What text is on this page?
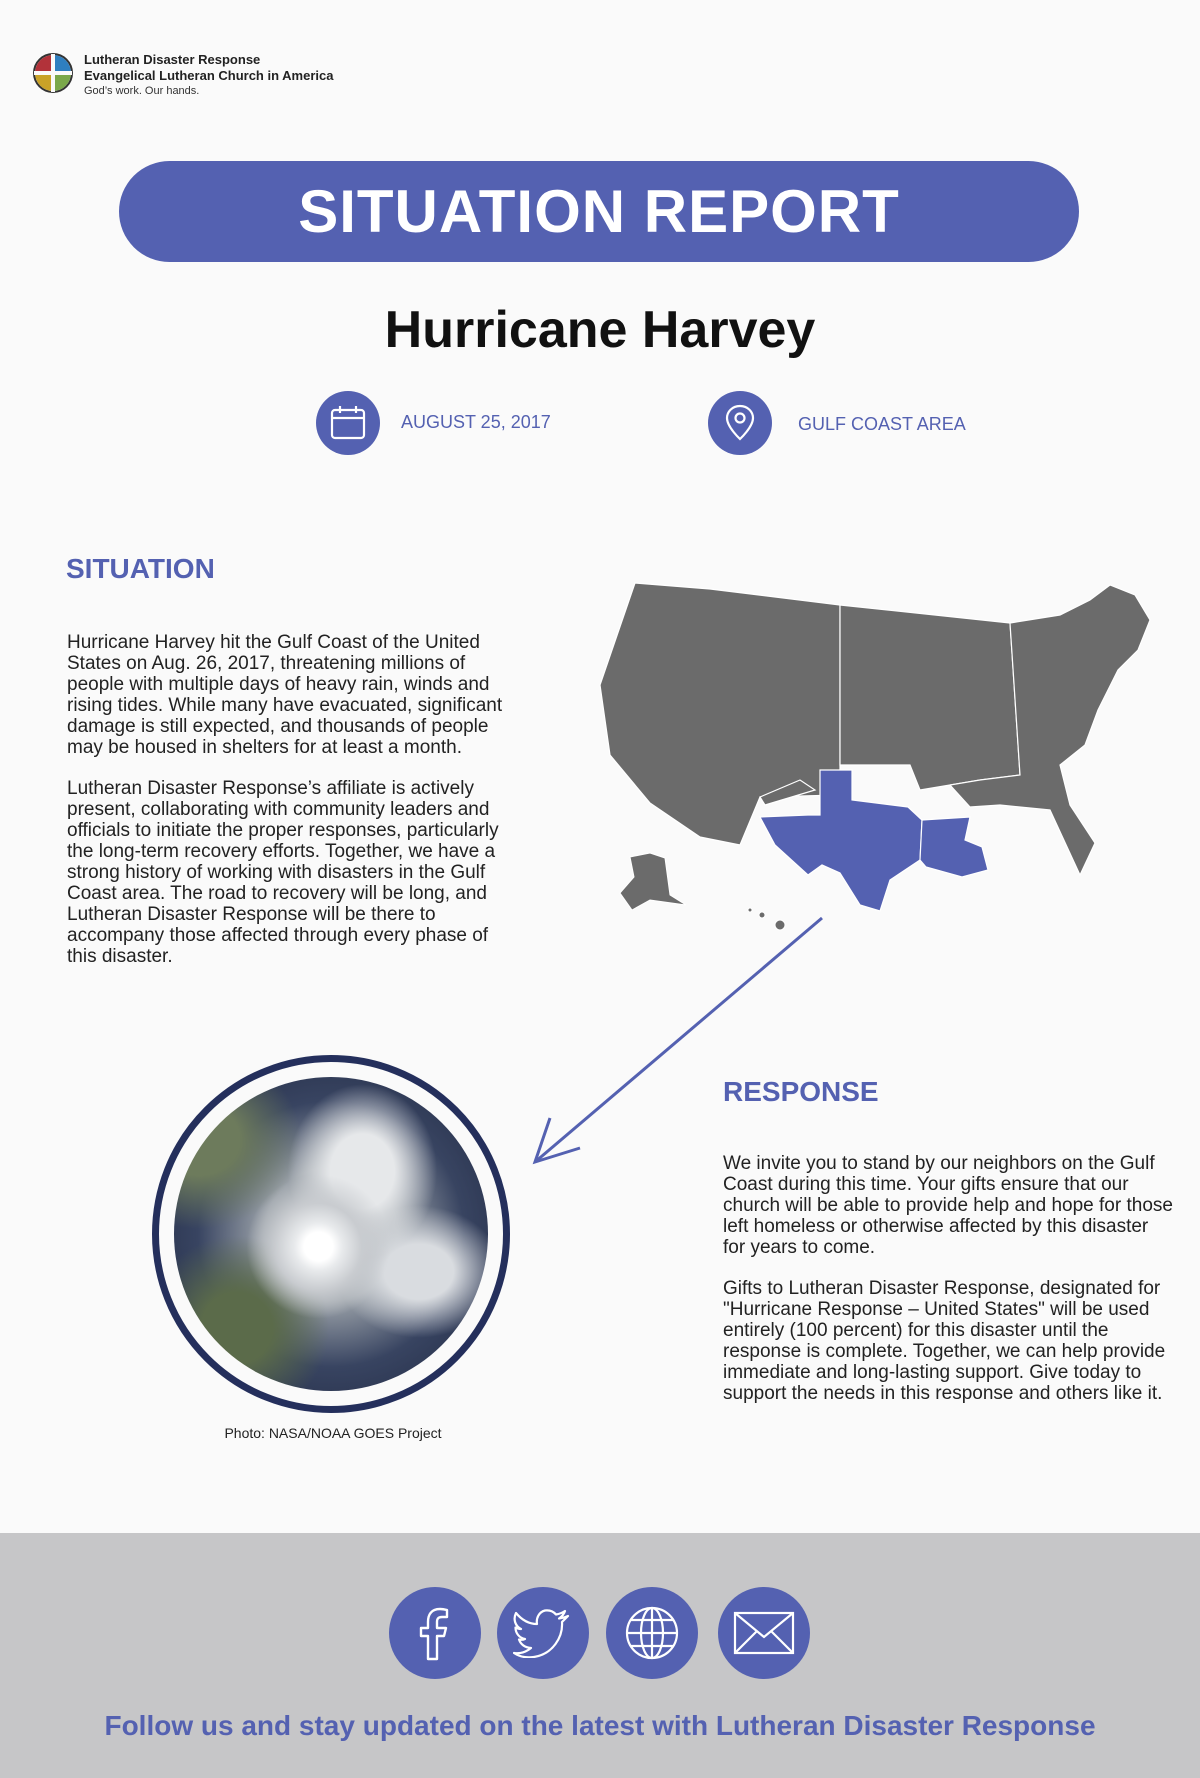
Lutheran Disaster Response
Evangelical Lutheran Church in America
God’s work. Our hands.
SITUATION REPORT
Hurricane Harvey
AUGUST 25, 2017	GULF COAST AREA
SITUATION

Hurricane Harvey hit the Gulf Coast of the United States on Aug. 26, 2017, threatening millions of people with multiple days of heavy rain, winds and rising tides. While many have evacuated, significant damage is still expected, and thousands of people may be housed in shelters for at least a month.

Lutheran Disaster Response’s affiliate is actively present, collaborating with community leaders and officials to initiate the proper responses, particularly the long-term recovery efforts. Together, we have a strong history of working with disasters in the Gulf Coast area. The road to recovery will be long, and Lutheran Disaster Response will be there to accompany those affected through every phase of this disaster.

Photo: NASA/NOAA GOES Project
RESPONSE

We invite you to stand by our neighbors on the Gulf Coast during this time. Your gifts ensure that our church will be able to provide help and hope for those left homeless or otherwise affected by this disaster for years to come.

Gifts to Lutheran Disaster Response, designated for "Hurricane Response – United States" will be used entirely (100 percent) for this disaster until the response is complete. Together, we can help provide immediate and long-lasting support. Give today to support the needs in this response and others like it.

Follow us and stay updated on the latest with Lutheran Disaster Response
